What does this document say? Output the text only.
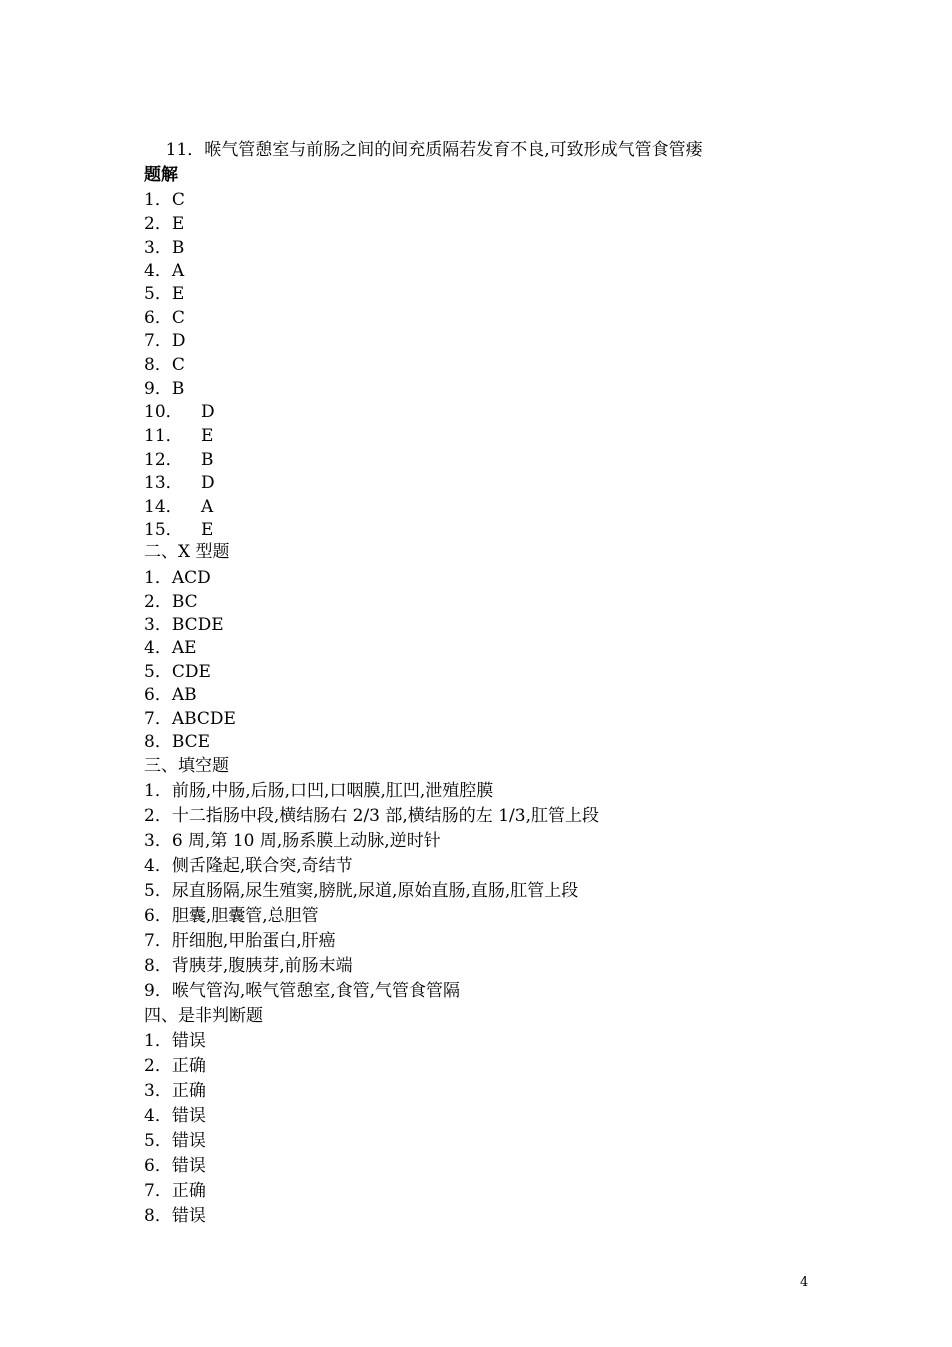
11．喉气管憩室与前肠之间的间充质隔若发育不良,可致形成气管食管瘘

题解
1．C
2．E
3．B
4．A
5．E
6．C
7．D
8．C
9．B
10． D
11． E
12． B
13． D
14． A
15． E
二、X 型题
1．ACD
2．BC
3．BCDE
4．AE
5．CDE
6．AB
7．ABCDE
8．BCE
三、填空题
1．前肠,中肠,后肠,口凹,口咽膜,肛凹,泄殖腔膜
2．十二指肠中段,横结肠右 2/3 部,横结肠的左 1/3,肛管上段
3．6 周,第 10 周,肠系膜上动脉,逆时针
4．侧舌隆起,联合突,奇结节
5．尿直肠隔,尿生殖窦,膀胱,尿道,原始直肠,直肠,肛管上段
6．胆囊,胆囊管,总胆管
7．肝细胞,甲胎蛋白,肝癌
8．背胰芽,腹胰芽,前肠末端
9．喉气管沟,喉气管憩室,食管,气管食管隔
四、是非判断题
1．错误
2．正确
3．正确
4．错误
5．错误
6．错误
7．正确
8．错误
4
